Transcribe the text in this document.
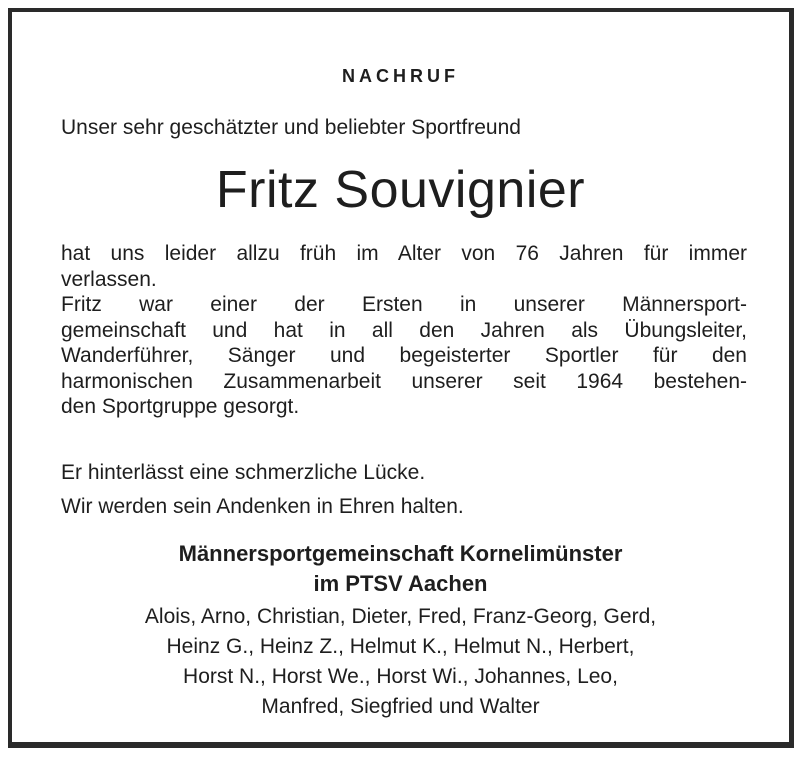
NACHRUF
Unser sehr geschätzter und beliebter Sportfreund
Fritz Souvignier
hat uns leider allzu früh im Alter von 76 Jahren für immer
verlassen.
Fritz war einer der Ersten in unserer Männersport-
gemeinschaft und hat in all den Jahren als Übungsleiter,
Wanderführer, Sänger und begeisterter Sportler für den
harmonischen Zusammenarbeit unserer seit 1964 bestehen-
den Sportgruppe gesorgt.
Er hinterlässt eine schmerzliche Lücke.
Wir werden sein Andenken in Ehren halten.
Männersportgemeinschaft Kornelimünster
im PTSV Aachen
Alois, Arno, Christian, Dieter, Fred, Franz-Georg, Gerd,
Heinz G., Heinz Z., Helmut K., Helmut N., Herbert,
Horst N., Horst We., Horst Wi., Johannes, Leo,
Manfred, Siegfried und Walter
